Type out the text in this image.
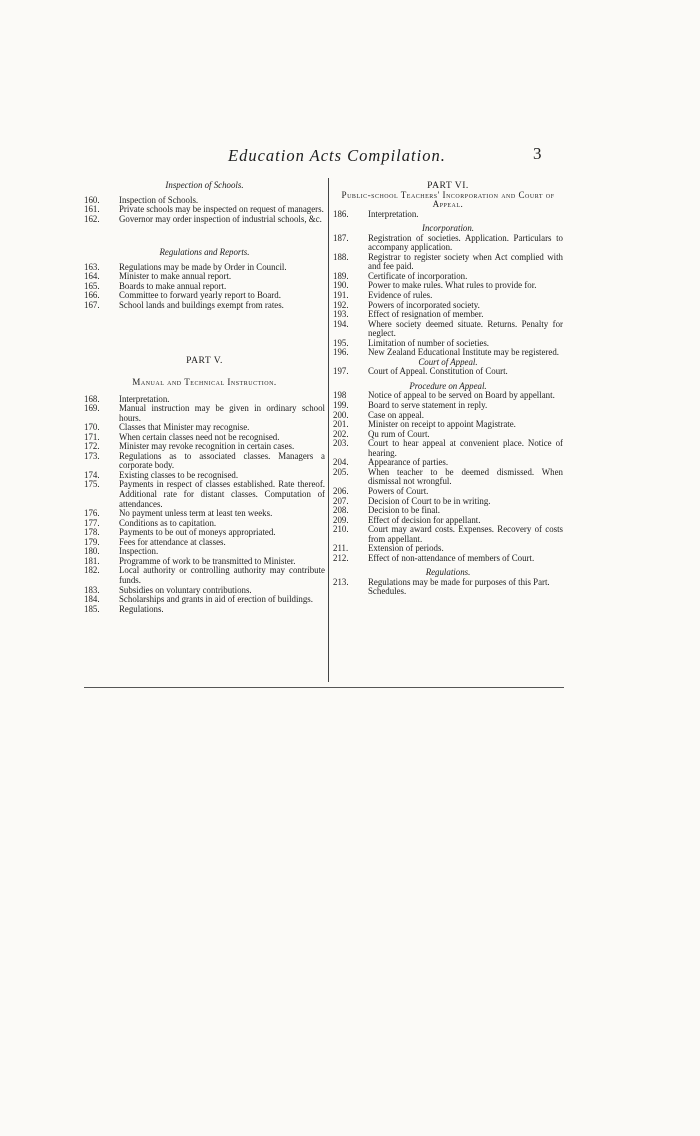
Education Acts Compilation.	3
Inspection of Schools.

160. Inspection of Schools.

161. Private schools may be inspected on request of managers.

162. Governor may order inspection of industrial schools, &c.

Regulations and Reports.

163. Regulations may be made by Order in Council.

164. Minister to make annual report.

165. Boards to make annual report.

166. Committee to forward yearly report to Board.

167. School lands and buildings exempt from rates.

PART V.
Manual and Technical Instruction.

168. Interpretation.

169. Manual instruction may be given in ordinary school hours.

170. Classes that Minister may recognise.

171. When certain classes need not be recognised.

172. Minister may revoke recognition in certain cases.

173. Regulations as to associated classes. Managers a corporate body.

174. Existing classes to be recognised.

175. Payments in respect of classes established. Rate thereof. Additional rate for distant classes. Computation of attendances.

176. No payment unless term at least ten weeks.

177. Conditions as to capitation.

178. Payments to be out of moneys appropriated.

179. Fees for attendance at classes.

180. Inspection.

181. Programme of work to be transmitted to Minister.

182. Local authority or controlling authority may contribute funds.

183. Subsidies on voluntary contributions.

184. Scholarships and grants in aid of erection of buildings.

185. Regulations.

PART VI.
Public-school Teachers' Incorporation and Court of Appeal.

186. Interpretation.

Incorporation.

187. Registration of societies. Application. Particulars to accompany application.

188. Registrar to register society when Act complied with and fee paid.

189. Certificate of incorporation.

190. Power to make rules. What rules to provide for.

191. Evidence of rules.

192. Powers of incorporated society.

193. Effect of resignation of member.

194. Where society deemed situate. Returns. Penalty for neglect.

195. Limitation of number of societies.

196. New Zealand Educational Institute may be registered.

Court of Appeal.

197. Court of Appeal. Constitution of Court.

Procedure on Appeal.

198 Notice of appeal to be served on Board by appellant.

199. Board to serve statement in reply.

200. Case on appeal.

201. Minister on receipt to appoint Magistrate.

202. Qu rum of Court.

203. Court to hear appeal at convenient place. Notice of hearing.

204. Appearance of parties.

205. When teacher to be deemed dismissed. When dismissal not wrongful.

206. Powers of Court.

207. Decision of Court to be in writing.

208. Decision to be final.

209. Effect of decision for appellant.

210. Court may award costs. Expenses. Recovery of costs from appellant.

211. Extension of periods.

212. Effect of non-attendance of members of Court.

Regulations.

213. Regulations may be made for purposes of this Part.

Schedules.
